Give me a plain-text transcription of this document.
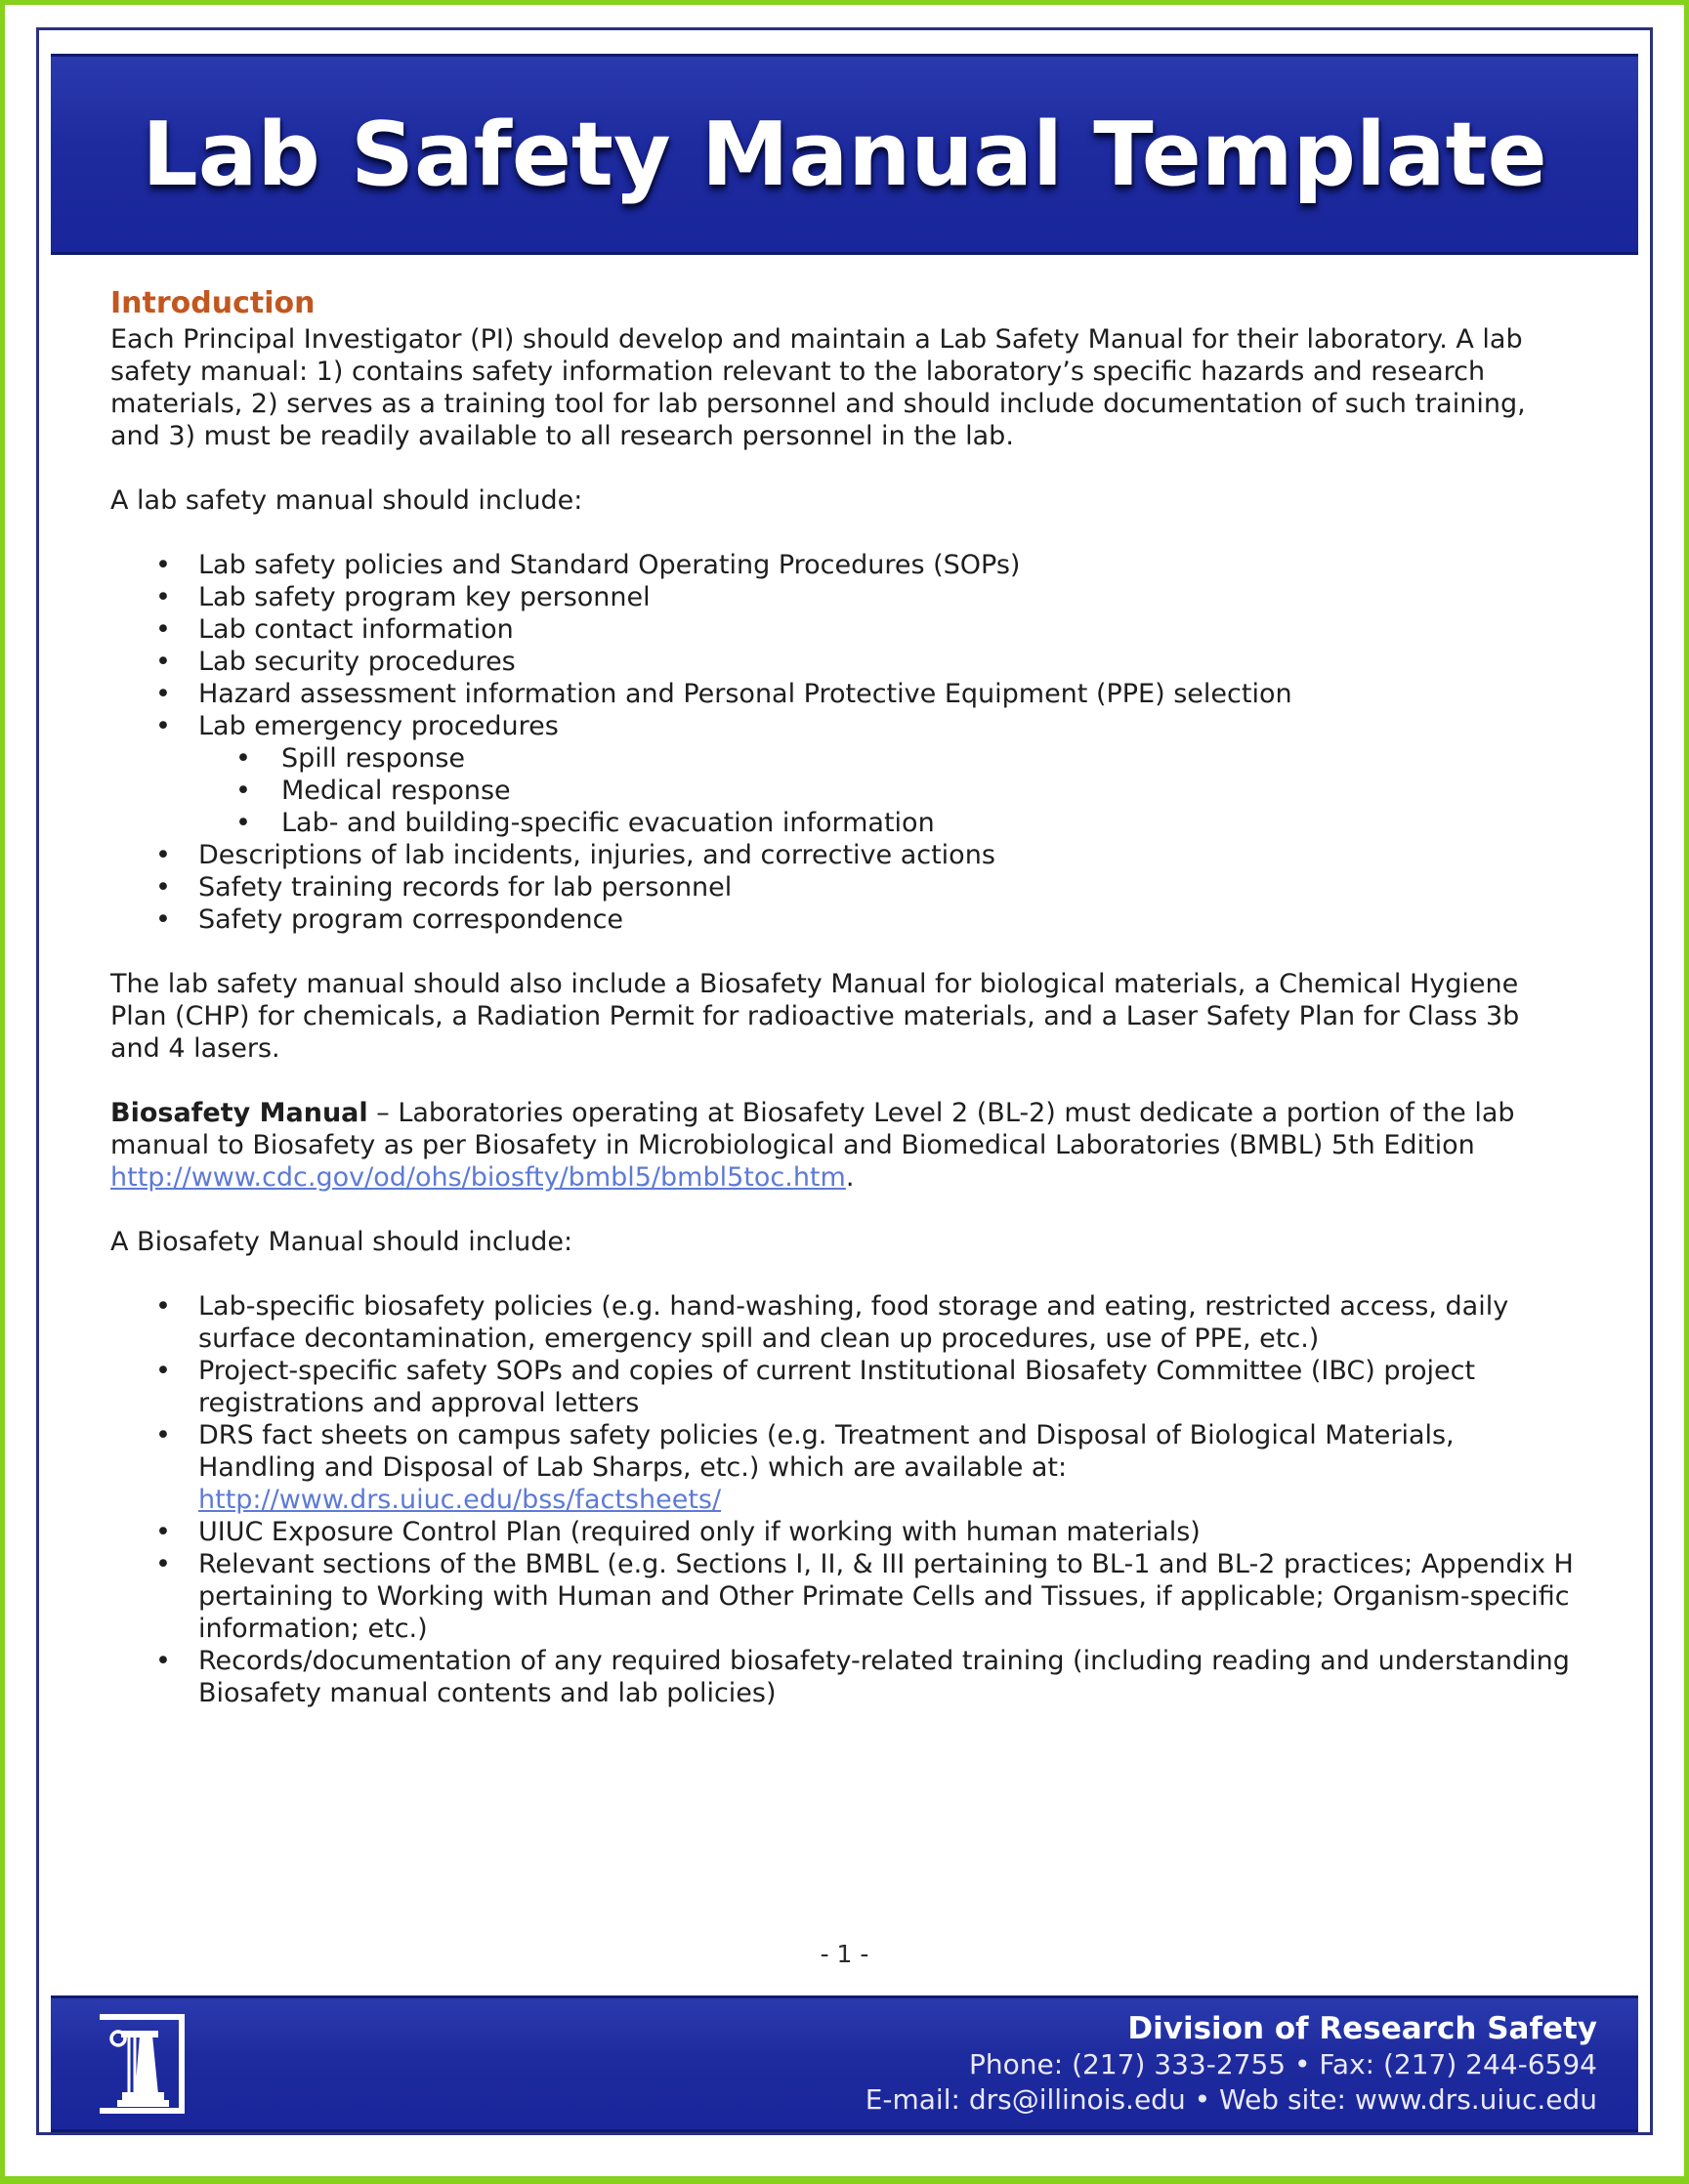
Lab Safety Manual Template
Introduction

Each Principal Investigator (PI) should develop and maintain a Lab Safety Manual for their laboratory. A lab safety manual: 1) contains safety information relevant to the laboratory’s specific hazards and research materials, 2) serves as a training tool for lab personnel and should include documentation of such training, and 3) must be readily available to all research personnel in the lab.

A lab safety manual should include:

• Lab safety policies and Standard Operating Procedures (SOPs)
• Lab safety program key personnel
• Lab contact information
• Lab security procedures
• Hazard assessment information and Personal Protective Equipment (PPE) selection
• Lab emergency procedures
• Spill response
• Medical response
• Lab- and building-specific evacuation information
• Descriptions of lab incidents, injuries, and corrective actions
• Safety training records for lab personnel
• Safety program correspondence

The lab safety manual should also include a Biosafety Manual for biological materials, a Chemical Hygiene Plan (CHP) for chemicals, a Radiation Permit for radioactive materials, and a Laser Safety Plan for Class 3b and 4 lasers.

Biosafety Manual – Laboratories operating at Biosafety Level 2 (BL-2) must dedicate a portion of the lab manual to Biosafety as per Biosafety in Microbiological and Biomedical Laboratories (BMBL) 5th Edition http://www.cdc.gov/od/ohs/biosfty/bmbl5/bmbl5toc.htm.

A Biosafety Manual should include:

• Lab-specific biosafety policies (e.g. hand-washing, food storage and eating, restricted access, daily surface decontamination, emergency spill and clean up procedures, use of PPE, etc.)
• Project-specific safety SOPs and copies of current Institutional Biosafety Committee (IBC) project registrations and approval letters
• DRS fact sheets on campus safety policies (e.g. Treatment and Disposal of Biological Materials, Handling and Disposal of Lab Sharps, etc.) which are available at: http://www.drs.uiuc.edu/bss/factsheets/
• UIUC Exposure Control Plan (required only if working with human materials)
• Relevant sections of the BMBL (e.g. Sections I, II, & III pertaining to BL-1 and BL-2 practices; Appendix H pertaining to Working with Human and Other Primate Cells and Tissues, if applicable; Organism-specific information; etc.)
• Records/documentation of any required biosafety-related training (including reading and understanding Biosafety manual contents and lab policies)
- 1 -
Division of Research Safety
Phone: (217) 333-2755 • Fax: (217) 244-6594
E-mail: drs@illinois.edu • Web site: www.drs.uiuc.edu
